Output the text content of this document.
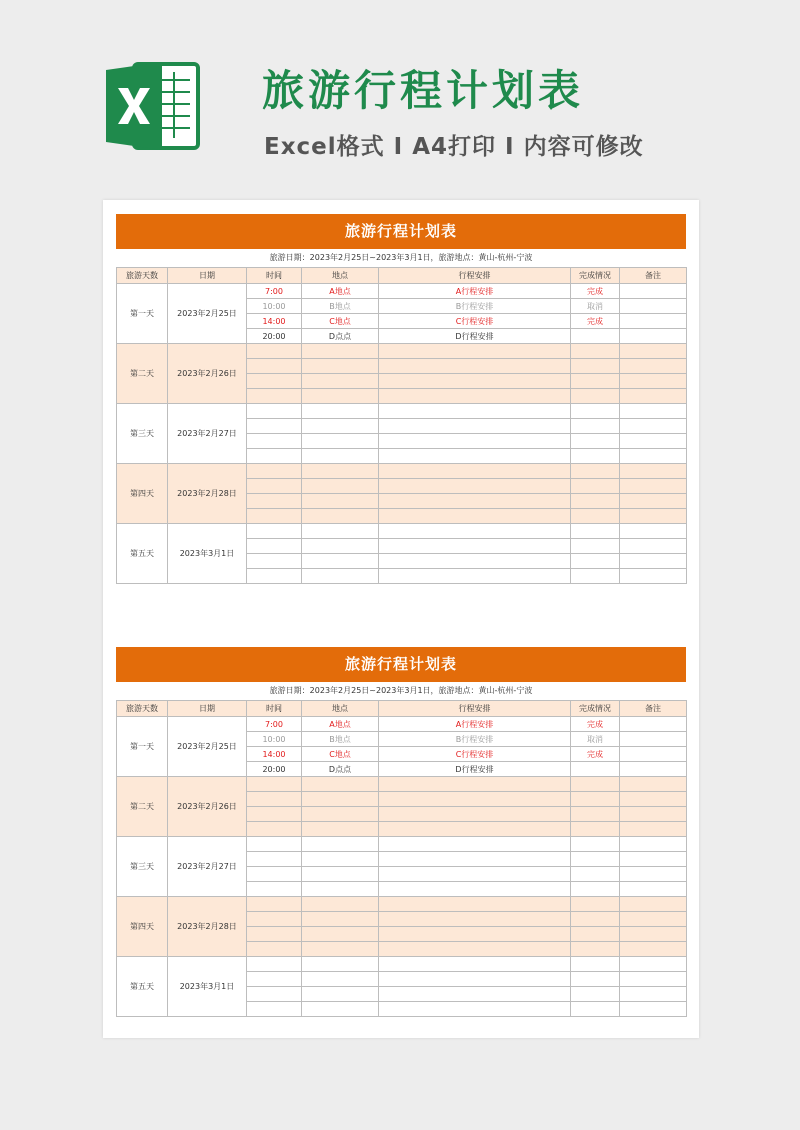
旅游行程计划表
Excel格式 I A4打印 I 内容可修改
旅游行程计划表
旅游日期：2023年2月25日~2023年3月1日，旅游地点：黄山-杭州-宁波
旅游天数	日期	时间	地点	行程安排	完成情况	备注
第一天	2023年2月25日	7:00	A地点	A行程安排	完成	
		10:00	B地点	B行程安排	取消	
		14:00	C地点	C行程安排	完成	
		20:00	D点点	D行程安排		
第二天	2023年2月26日					

第三天	2023年2月27日					

第四天	2023年2月28日					

第五天	2023年3月1日					

旅游行程计划表
旅游日期：2023年2月25日~2023年3月1日，旅游地点：黄山-杭州-宁波
旅游天数	日期	时间	地点	行程安排	完成情况	备注
第一天	2023年2月25日	7:00	A地点	A行程安排	完成	
		10:00	B地点	B行程安排	取消	
		14:00	C地点	C行程安排	完成	
		20:00	D点点	D行程安排		
第二天	2023年2月26日					

第三天	2023年2月27日					

第四天	2023年2月28日					

第五天	2023年3月1日					
